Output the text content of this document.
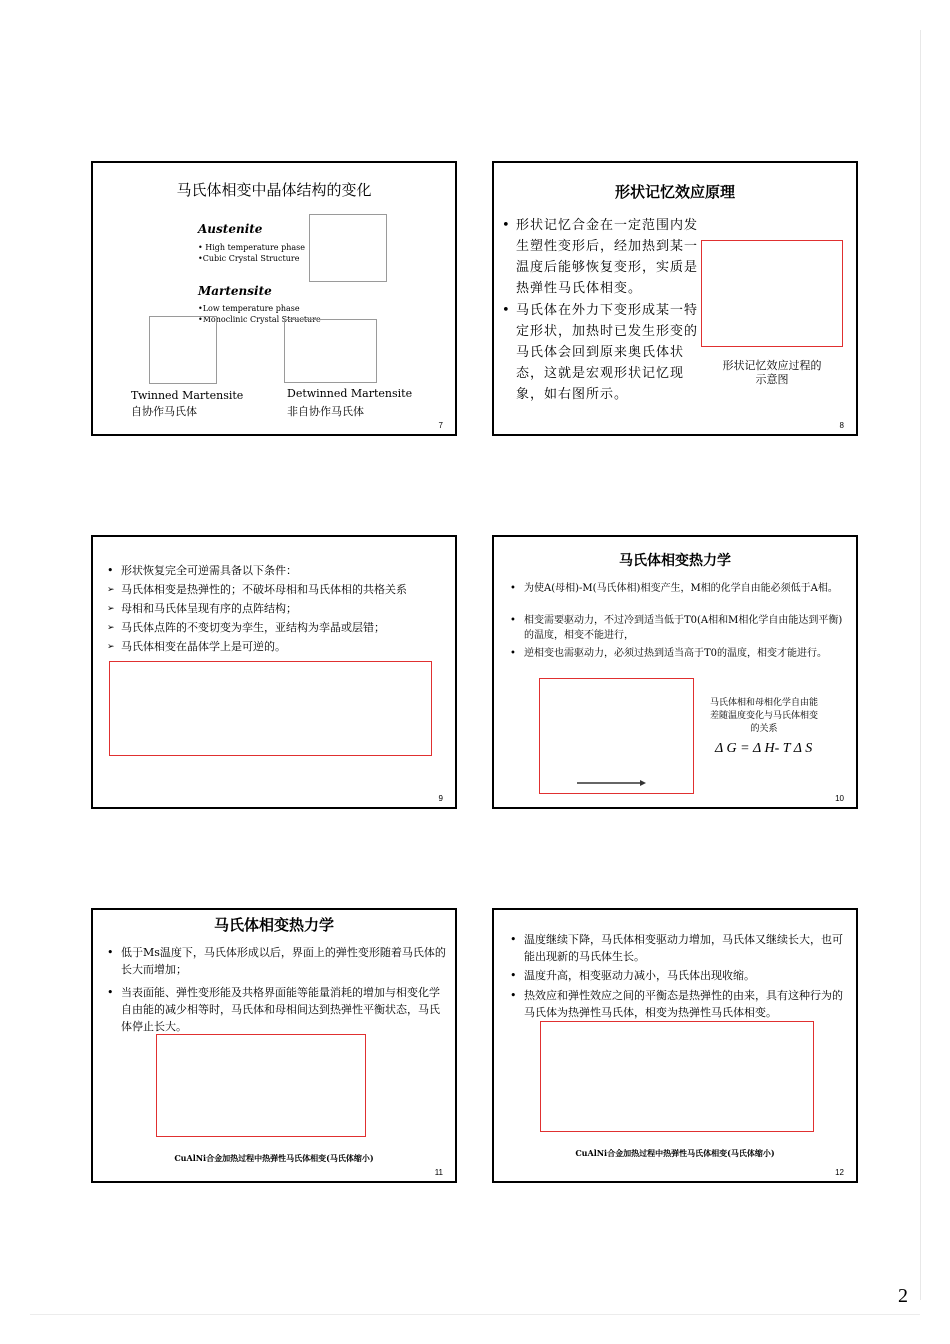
马氏体相变中晶体结构的变化
Austenite
• High temperature phase
•Cubic Crystal Structure
Martensite
•Low temperature phase
•Monoclinic Crystal Structure
Twinned Martensite
自协作马氏体
Detwinned Martensite
非自协作马氏体
7
形状记忆效应原理
• 形状记忆合金在一定范围内发生塑性变形后，经加热到某一温度后能够恢复变形，实质是热弹性马氏体相变。
• 马氏体在外力下变形成某一特定形状，加热时已发生形变的马氏体会回到原来奥氏体状态，这就是宏观形状记忆现象，如右图所示。
形状记忆效应过程的示意图
8
• 形状恢复完全可逆需具备以下条件：
➢ 马氏体相变是热弹性的；不破坏母相和马氏体相的共格关系
➢ 母相和马氏体呈现有序的点阵结构；
➢ 马氏体点阵的不变切变为孪生，亚结构为孪晶或层错；
➢ 马氏体相变在晶体学上是可逆的。
9
马氏体相变热力学
• 为使A(母相)-M(马氏体相)相变产生，M相的化学自由能必须低于A相。
• 相变需要驱动力，不过冷到适当低于T0(A相和M相化学自由能达到平衡)的温度，相变不能进行，
• 逆相变也需驱动力，必须过热到适当高于T0的温度，相变才能进行。
马氏体相和母相化学自由能差随温度变化与马氏体相变的关系
Δ G = Δ H- T Δ S
10
马氏体相变热力学
• 低于Ms温度下，马氏体形成以后，界面上的弹性变形随着马氏体的长大而增加；
• 当表面能、弹性变形能及共格界面能等能量消耗的增加与相变化学自由能的减少相等时，马氏体和母相间达到热弹性平衡状态，马氏体停止长大。
CuAlNi合金加热过程中热弹性马氏体相变(马氏体缩小)
11
• 温度继续下降，马氏体相变驱动力增加，马氏体又继续长大，也可能出现新的马氏体生长。
• 温度升高，相变驱动力减小，马氏体出现收缩。
• 热效应和弹性效应之间的平衡态是热弹性的由来，具有这种行为的马氏体为热弹性马氏体，相变为热弹性马氏体相变。
CuAlNi合金加热过程中热弹性马氏体相变(马氏体缩小)
12
2
